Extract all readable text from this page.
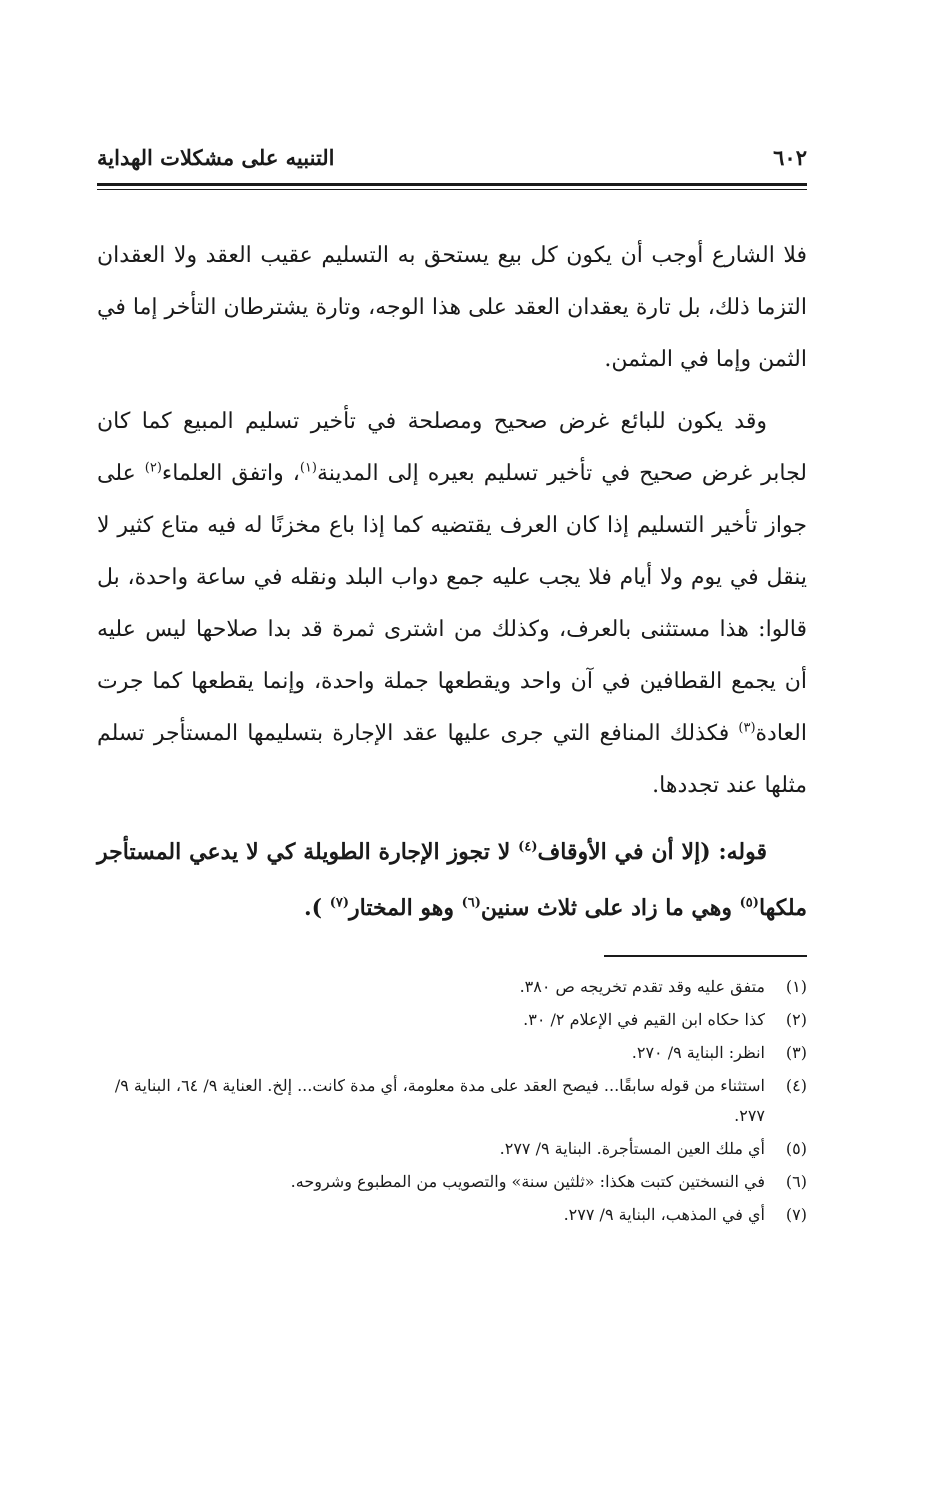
٦٠٢
التنبيه على مشكلات الهداية

فلا الشارع أوجب أن يكون كل بيع يستحق به التسليم عقيب العقد ولا العقدان التزما ذلك، بل تارة يعقدان العقد على هذا الوجه، وتارة يشترطان التأخر إما في الثمن وإما في المثمن.

وقد يكون للبائع غرض صحيح ومصلحة في تأخير تسليم المبيع كما كان لجابر غرض صحيح في تأخير تسليم بعيره إلى المدينة$^{(١)}$، واتفق العلماء$^{(٢)}$ على جواز تأخير التسليم إذا كان العرف يقتضيه كما إذا باع مخزنًا له فيه متاع كثير لا ينقل في يوم ولا أيام فلا يجب عليه جمع دواب البلد ونقله في ساعة واحدة، بل قالوا: هذا مستثنى بالعرف، وكذلك من اشترى ثمرة قد بدا صلاحها ليس عليه أن يجمع القطافين في آن واحد ويقطعها جملة واحدة، وإنما يقطعها كما جرت العادة$^{(٣)}$ فكذلك المنافع التي جرى عليها عقد الإجارة بتسليمها المستأجر تسلم مثلها عند تجددها.

قوله: (إلا أن في الأوقاف$^{(٤)}$ لا تجوز الإجارة الطويلة كي لا يدعي المستأجر ملكها$^{(٥)}$ وهي ما زاد على ثلاث سنين$^{(٦)}$ وهو المختار$^{(٧)}$ ).

(١)
متفق عليه وقد تقدم تخريجه ص ٣٨٠.
(٢)
كذا حكاه ابن القيم في الإعلام ٢/ ٣٠.
(٣)
انظر: البناية ٩/ ٢٧٠.
(٤)
استثناء من قوله سابقًا... فيصح العقد على مدة معلومة، أي مدة كانت... إلخ. العناية ٩/ ٦٤، البناية ٩/ ٢٧٧.
(٥)
أي ملك العين المستأجرة. البناية ٩/ ٢٧٧.
(٦)
في النسختين كتبت هكذا: «ثلثين سنة» والتصويب من المطبوع وشروحه.
(٧)
أي في المذهب، البناية ٩/ ٢٧٧.
